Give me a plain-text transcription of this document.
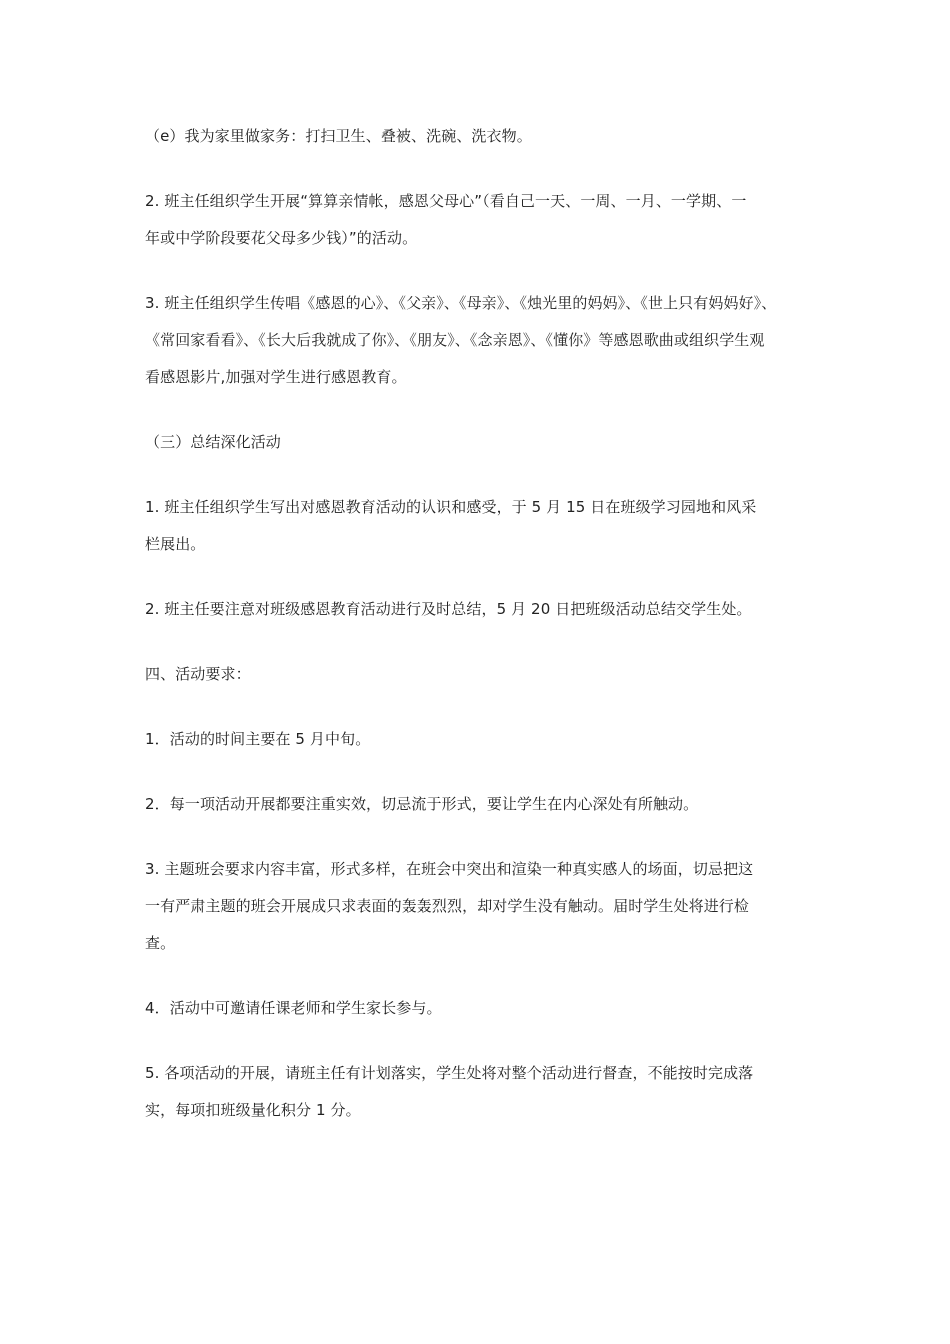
（e）我为家里做家务：打扫卫生、叠被、洗碗、洗衣物。

2. 班主任组织学生开展“算算亲情帐，感恩父母心”（看自己一天、一周、一月、一学期、一
年或中学阶段要花父母多少钱）”的活动。

3. 班主任组织学生传唱《感恩的心》、《父亲》、《母亲》、《烛光里的妈妈》、《世上只有妈妈好》、
《常回家看看》、《长大后我就成了你》、《朋友》、《念亲恩》、《懂你》等感恩歌曲或组织学生观
看感恩影片,加强对学生进行感恩教育。

（三）总结深化活动

1. 班主任组织学生写出对感恩教育活动的认识和感受，于 5 月 15 日在班级学习园地和风采
栏展出。

2. 班主任要注意对班级感恩教育活动进行及时总结，5 月 20 日把班级活动总结交学生处。

四、活动要求：

1．活动的时间主要在 5 月中旬。

2．每一项活动开展都要注重实效，切忌流于形式，要让学生在内心深处有所触动。

3. 主题班会要求内容丰富，形式多样，在班会中突出和渲染一种真实感人的场面，切忌把这
一有严肃主题的班会开展成只求表面的轰轰烈烈，却对学生没有触动。届时学生处将进行检
查。

4．活动中可邀请任课老师和学生家长参与。

5. 各项活动的开展，请班主任有计划落实，学生处将对整个活动进行督查，不能按时完成落
实，每项扣班级量化积分 1 分。
